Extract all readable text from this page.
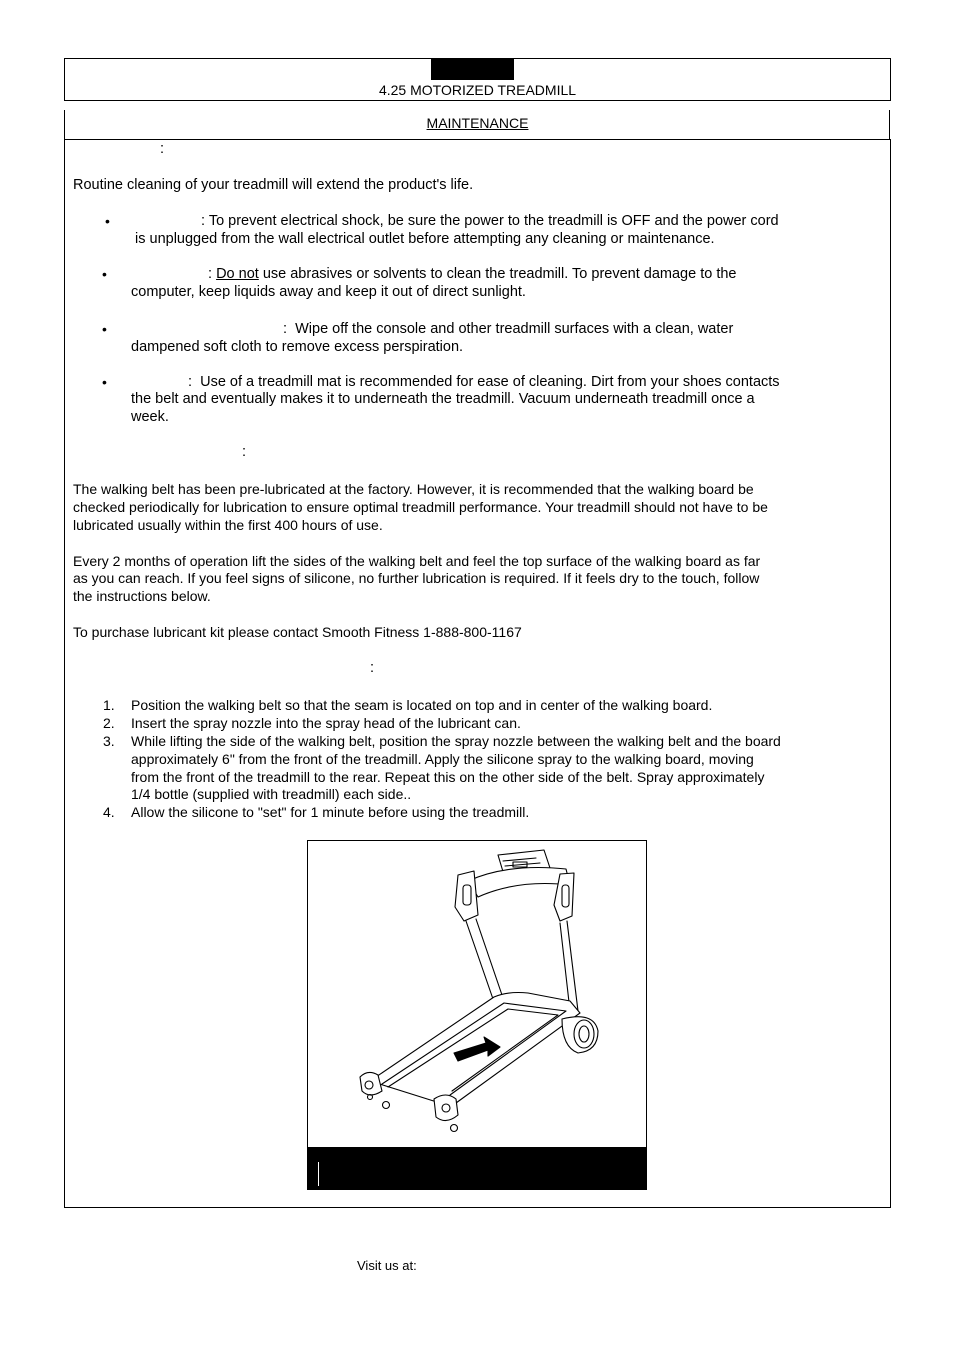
4.25 MOTORIZED TREADMILL
MAINTENANCE
:
Routine cleaning of your treadmill will extend the product's life.
•	: To prevent electrical shock, be sure the power to the treadmill is OFF and the power cord
is unplugged from the wall electrical outlet before attempting any cleaning or maintenance.
•	: Do not use abrasives or solvents to clean the treadmill. To prevent damage to the
computer, keep liquids away and keep it out of direct sunlight.
•	: Wipe off the console and other treadmill surfaces with a clean, water
dampened soft cloth to remove excess perspiration.
•	: Use of a treadmill mat is recommended for ease of cleaning. Dirt from your shoes contacts
the belt and eventually makes it to underneath the treadmill. Vacuum underneath treadmill once a
week.
:
The walking belt has been pre-lubricated at the factory. However, it is recommended that the walking board be
checked periodically for lubrication to ensure optimal treadmill performance. Your treadmill should not have to be
lubricated usually within the first 400 hours of use.
Every 2 months of operation lift the sides of the walking belt and feel the top surface of the walking board as far
as you can reach. If you feel signs of silicone, no further lubrication is required. If it feels dry to the touch, follow
the instructions below.
To purchase lubricant kit please contact Smooth Fitness 1-888-800-1167
:
1. Position the walking belt so that the seam is located on top and in center of the walking board.
2. Insert the spray nozzle into the spray head of the lubricant can.
3. While lifting the side of the walking belt, position the spray nozzle between the walking belt and the board
approximately 6" from the front of the treadmill. Apply the silicone spray to the walking board, moving
from the front of the treadmill to the rear. Repeat this on the other side of the belt. Spray approximately
1/4 bottle (supplied with treadmill) each side..
4. Allow the silicone to "set" for 1 minute before using the treadmill.
Visit us at:
